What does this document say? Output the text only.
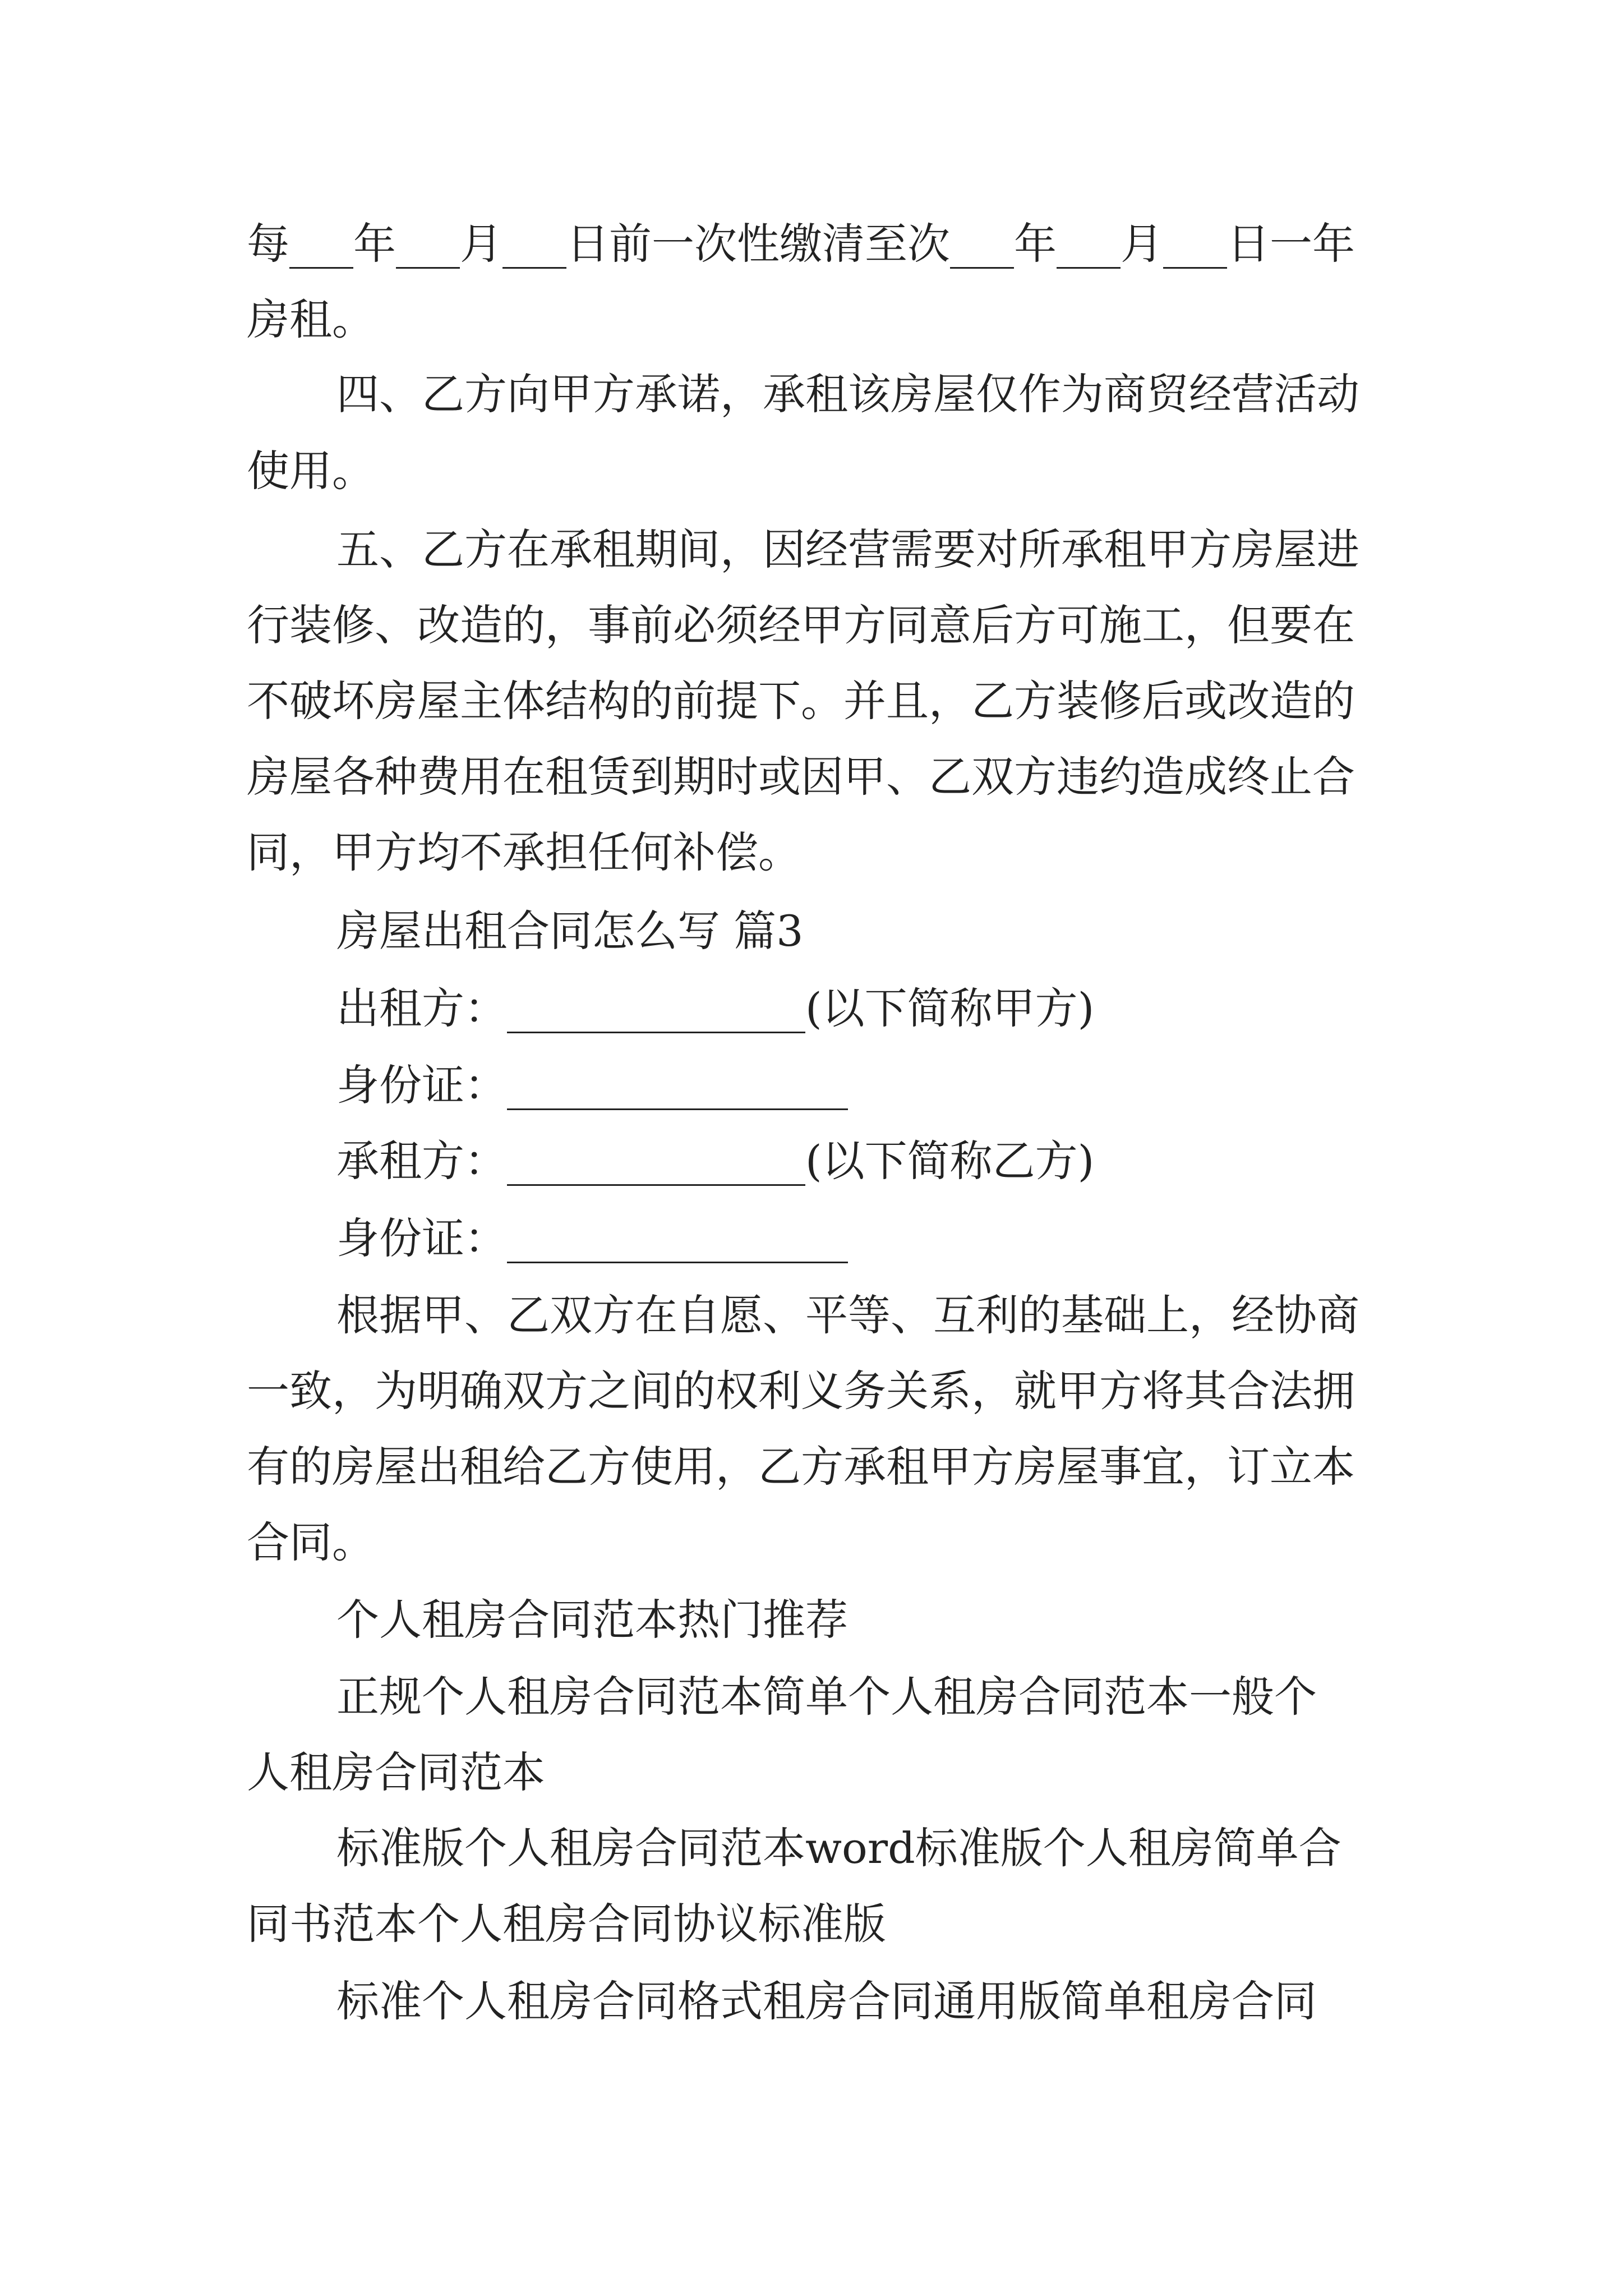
每___年___月___日前一次性缴清至次___年___月___日一年
房租。
四、乙方向甲方承诺，承租该房屋仅作为商贸经营活动
使用。
五、乙方在承租期间，因经营需要对所承租甲方房屋进
行装修、改造的，事前必须经甲方同意后方可施工，但要在
不破坏房屋主体结构的前提下。并且，乙方装修后或改造的
房屋各种费用在租赁到期时或因甲、乙双方违约造成终止合
同，甲方均不承担任何补偿。
房屋出租合同怎么写 篇3
出租方：______________(以下简称甲方)
身份证：________________
承租方：______________(以下简称乙方)
身份证：________________
根据甲、乙双方在自愿、平等、互利的基础上，经协商
一致，为明确双方之间的权利义务关系，就甲方将其合法拥
有的房屋出租给乙方使用，乙方承租甲方房屋事宜，订立本
合同。
个人租房合同范本热门推荐
正规个人租房合同范本简单个人租房合同范本一般个
人租房合同范本
标准版个人租房合同范本word标准版个人租房简单合
同书范本个人租房合同协议标准版
标准个人租房合同格式租房合同通用版简单租房合同
